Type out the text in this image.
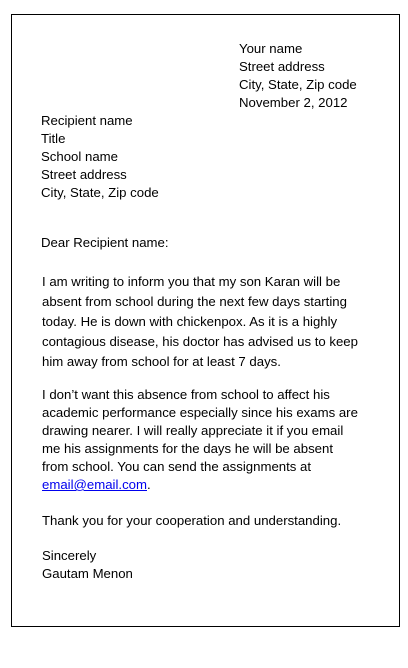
Your name
Street address
City, State, Zip code
November 2, 2012
Recipient name
Title
School name
Street address
City, State, Zip code
Dear Recipient name:
I am writing to inform you that my son Karan will be
absent from school during the next few days starting
today. He is down with chickenpox. As it is a highly
contagious disease, his doctor has advised us to keep
him away from school for at least 7 days.
I don’t want this absence from school to affect his
academic performance especially since his exams are
drawing nearer. I will really appreciate it if you email
me his assignments for the days he will be absent
from school. You can send the assignments at
email@email.com.
Thank you for your cooperation and understanding.
Sincerely
Gautam Menon
